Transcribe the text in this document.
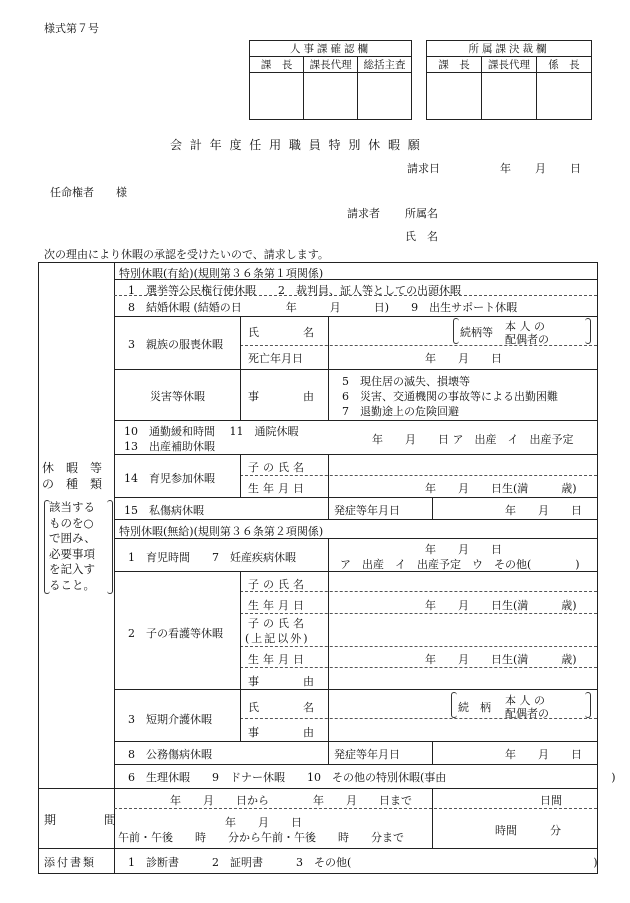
様式第７号
人事課確認欄		
課　長	課長代理	総括主査

所属課決裁欄		
課　長	課長代理	係　長

会 計 年 度 任 用 職 員 特 別 休 暇 願
請求日	年 月 日
任命権者　　様
請求者 所属名
氏　名
次の理由により休暇の承認を受けたいので、請求します。
休　暇　等
の　種　類
該当する
ものを○
で囲み、
必要事項
を記入す
ること。
特別休暇(有給)(規則第３６条第１項関係)
1　選挙等公民権行使休暇　　2　裁判員、証人等としての出頭休暇
8　結婚休暇 (結婚の日　　　　年　　　月　　　日)　　9　出生サポート休暇
3　親族の服喪休暇
氏　　　　名	続柄等 本 人 の
配偶者の
死亡年月日	年　　月　　日
災害等休暇	事　　　　由
5　現住居の滅失、損壊等
6　災害、交通機関の事故等による出勤困難
7　退勤途上の危険回避
10　通勤緩和時間　 11　通院休暇
13　出産補助休暇
年　　月　　日 ア　出産　イ　出産予定
14　育児参加休暇
子の氏名
生年月日	年　　月　　日生(満　　　歳)
15　私傷病休暇	発症等年月日	年　　月　　日
特別休暇(無給)(規則第３６条第２項関係)
1　育児時間　　7　妊産疾病休暇
年　　月　　日
ア　出産　イ　出産予定　ウ　その他(　　　　)
2　子の看護等休暇
子の氏名
生年月日	年　　月　　日生(満　　　歳)
子の氏名
(上記以外)
生年月日	年　　月　　日生(満　　　歳)
事　　　　由
3　短期介護休暇
氏　　　　名	続　柄
本 人 の
配偶者の
事　　　　由
8　公務傷病休暇	発症等年月日	年　　月　　日
6　生理休暇　　9　ドナー休暇　　10　その他の特別休暇(事由　　　　　　　　　　　　　　　)
期　　　　間
年　　月　　日から　　　　年　　月　　日まで	日間
年　　月　　日
午前・午後　　時　　分から午前・午後　　時　　分まで
時間　　　分
添付書類	1　診断書　　　2　証明書　　　3　その他(　　　　　　　　　　　　　　　　　　　　　　)
